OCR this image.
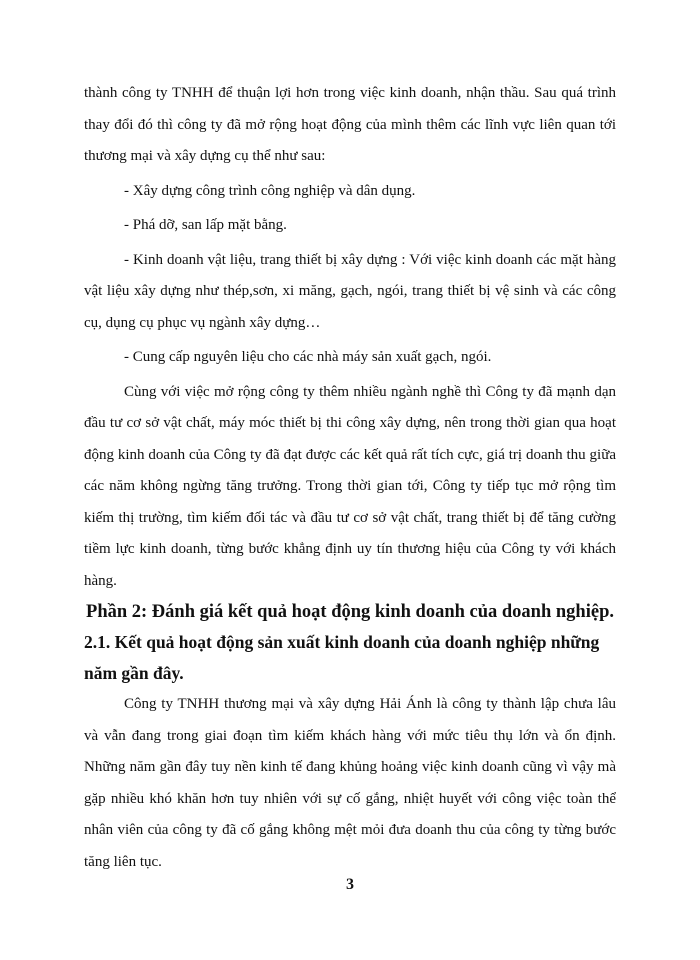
thành công ty TNHH để thuận lợi hơn trong việc kinh doanh, nhận thầu. Sau quá trình thay đổi đó thì công ty đã mở rộng hoạt động của mình thêm các lĩnh vực liên quan tới thương mại và xây dựng cụ thể như sau:

- Xây dựng công trình công nghiệp và dân dụng.

- Phá dỡ, san lấp mặt bằng.

- Kinh doanh vật liệu, trang thiết bị xây dựng : Với việc kinh doanh các mặt hàng vật liệu xây dựng như thép,sơn, xi măng, gạch, ngói, trang thiết bị vệ sinh và các công cụ, dụng cụ phục vụ ngành xây dựng…

- Cung cấp nguyên liệu cho các nhà máy sản xuất gạch, ngói.

Cùng với việc mở rộng công ty thêm nhiều ngành nghề thì Công ty đã mạnh dạn đầu tư cơ sở vật chất, máy móc thiết bị thi công xây dựng, nên trong thời gian qua hoạt động kinh doanh của Công ty đã đạt được các kết quả rất tích cực, giá trị doanh thu giữa các năm không ngừng tăng trưởng. Trong thời gian tới, Công ty tiếp tục mở rộng tìm kiếm thị trường, tìm kiếm đối tác và đầu tư cơ sở vật chất, trang thiết bị để tăng cường tiềm lực kinh doanh, từng bước khẳng định uy tín thương hiệu của Công ty với khách hàng.

Phần 2: Đánh giá kết quả hoạt động kinh doanh của doanh nghiệp.
2.1. Kết quả hoạt động sản xuất kinh doanh của doanh nghiệp những năm gần đây.

Công ty TNHH thương mại và xây dựng Hải Ánh là công ty thành lập chưa lâu và vẫn đang trong giai đoạn tìm kiếm khách hàng với mức tiêu thụ lớn và ổn định. Những năm gần đây tuy nền kinh tế đang khủng hoảng việc kinh doanh cũng vì vậy mà gặp nhiều khó khăn hơn tuy nhiên với sự cố gắng, nhiệt huyết với công việc toàn thể nhân viên của công ty đã cố gắng không mệt mỏi đưa doanh thu của công ty từng bước tăng liên tục.

3
